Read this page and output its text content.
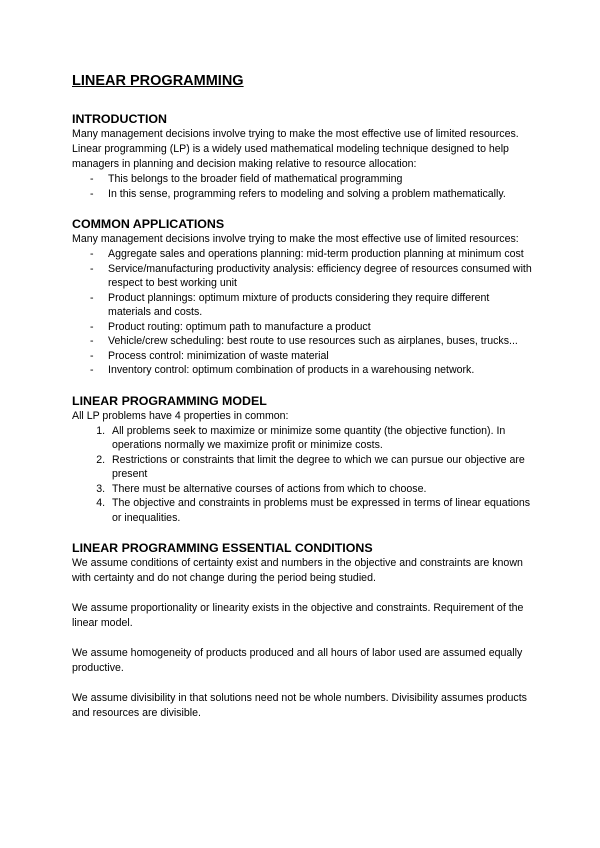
LINEAR PROGRAMMING
INTRODUCTION

Many management decisions involve trying to make the most effective use of limited resources.

Linear programming (LP) is a widely used mathematical modeling technique designed to help managers in planning and decision making relative to resource allocation:

- This belongs to the broader field of mathematical programming
- In this sense, programming refers to modeling and solving a problem mathematically.
COMMON APPLICATIONS

Many management decisions involve trying to make the most effective use of limited resources:

- Aggregate sales and operations planning: mid-term production planning at minimum cost
- Service/manufacturing productivity analysis: efficiency degree of resources consumed with respect to best working unit
- Product plannings: optimum mixture of products considering they require different materials and costs.
- Product routing: optimum path to manufacture a product
- Vehicle/crew scheduling: best route to use resources such as airplanes, buses, trucks...
- Process control: minimization of waste material
- Inventory control: optimum combination of products in a warehousing network.
LINEAR PROGRAMMING MODEL

All LP problems have 4 properties in common:

1. All problems seek to maximize or minimize some quantity (the objective function). In operations normally we maximize profit or minimize costs.
2. Restrictions or constraints that limit the degree to which we can pursue our objective are present
3. There must be alternative courses of actions from which to choose.
4. The objective and constraints in problems must be expressed in terms of linear equations or inequalities.
LINEAR PROGRAMMING ESSENTIAL CONDITIONS

We assume conditions of certainty exist and numbers in the objective and constraints are known with certainty and do not change during the period being studied.

We assume proportionality or linearity exists in the objective and constraints. Requirement of the linear model.

We assume homogeneity of products produced and all hours of labor used are assumed equally productive.

We assume divisibility in that solutions need not be whole numbers. Divisibility assumes products and resources are divisible.
